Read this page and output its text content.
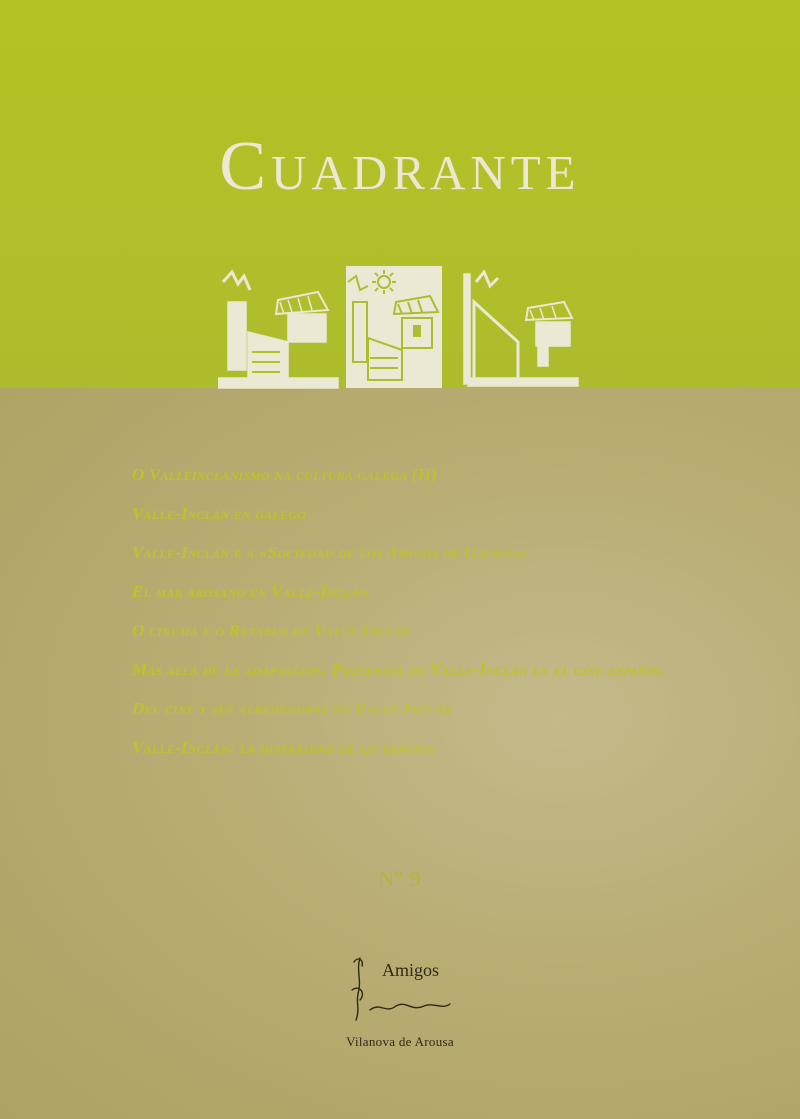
Cuadrante
O Valleinclanismo na cultura galega (II)
Valle-Inclán en galego
Valle-Inclán e a «Sociedad de los Amigos de Galicia»
El mar arosano en Valle-Inclán
O cinema e o Retablo de Valle-Inclán
Más allá de la adaptación. Presencia de Valle-Inclán en el cine español
Del cine y sus alrededores en Valle-Inclán
Valle-Inclán: la disparidad de lo trágico
Nº 9
Amigos
Vilanova de Arousa
